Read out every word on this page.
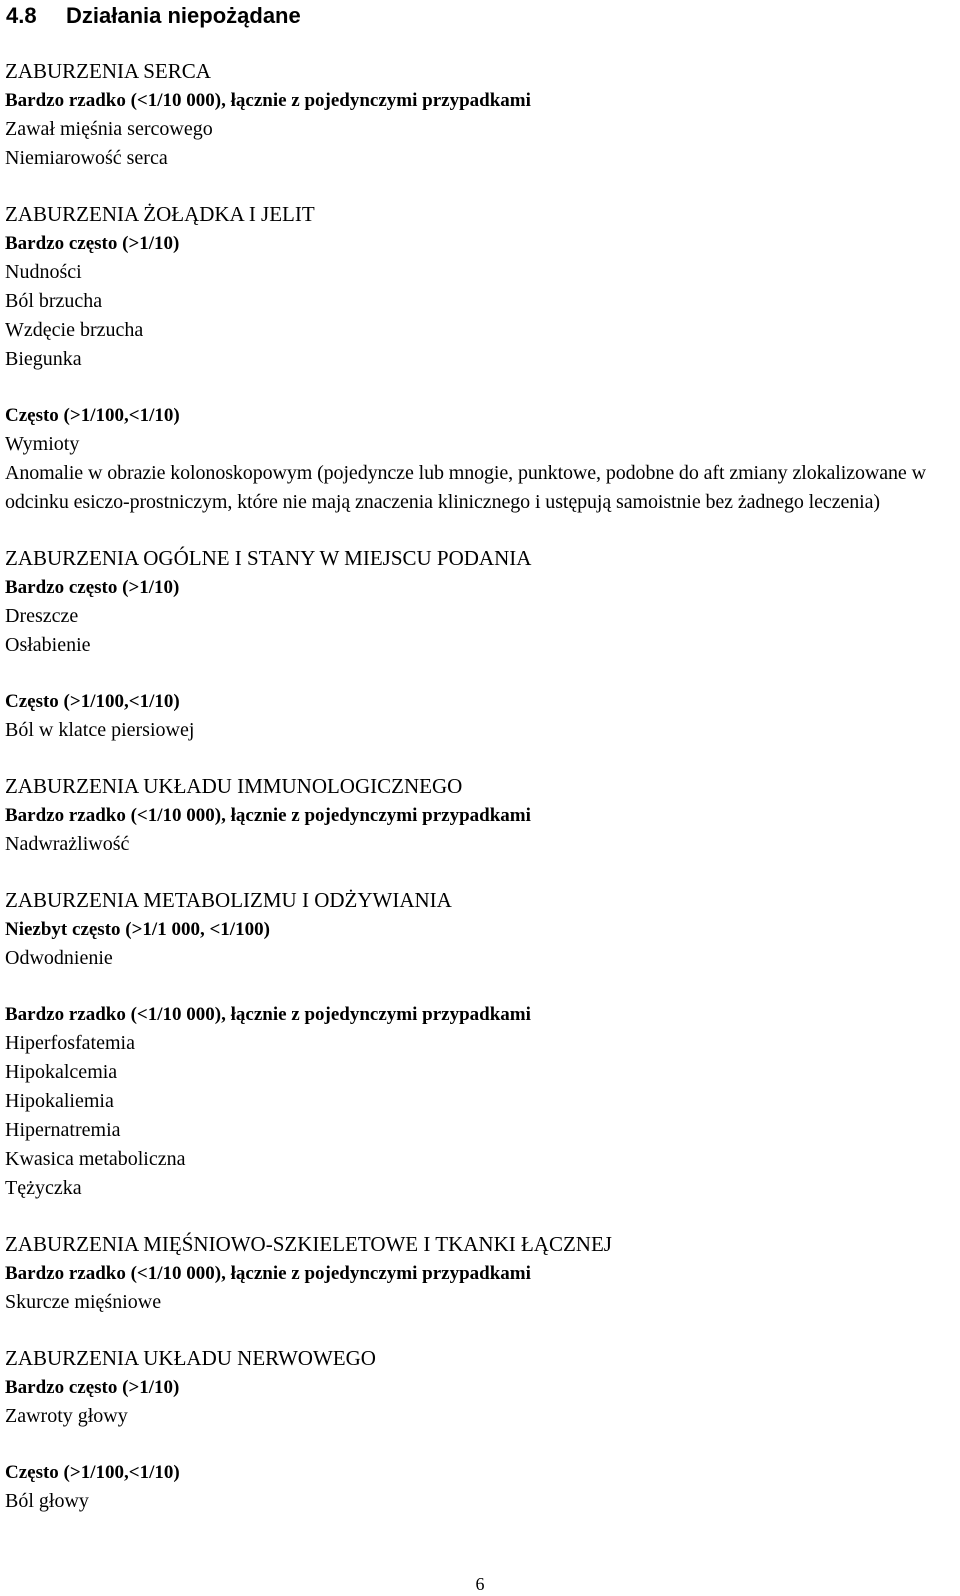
4.8 Działania niepożądane
ZABURZENIA SERCA
Bardzo rzadko (<1/10 000), łącznie z pojedynczymi przypadkami
Zawał mięśnia sercowego
Niemiarowość serca
ZABURZENIA ŻOŁĄDKA I JELIT
Bardzo często (>1/10)
Nudności
Ból brzucha
Wzdęcie brzucha
Biegunka
Często (>1/100,<1/10)
Wymioty
Anomalie w obrazie kolonoskopowym (pojedyncze lub mnogie, punktowe, podobne do aft zmiany zlokalizowane w odcinku esiczo-prostniczym, które nie mają znaczenia klinicznego i ustępują samoistnie bez żadnego leczenia)
ZABURZENIA OGÓLNE I STANY W MIEJSCU PODANIA
Bardzo często (>1/10)
Dreszcze
Osłabienie
Często (>1/100,<1/10)
Ból w klatce piersiowej
ZABURZENIA UKŁADU IMMUNOLOGICZNEGO
Bardzo rzadko (<1/10 000), łącznie z pojedynczymi przypadkami
Nadwrażliwość
ZABURZENIA METABOLIZMU I ODŻYWIANIA
Niezbyt często (>1/1 000, <1/100)
Odwodnienie
Bardzo rzadko (<1/10 000), łącznie z pojedynczymi przypadkami
Hiperfosfatemia
Hipokalcemia
Hipokaliemia
Hipernatremia
Kwasica metaboliczna
Tężyczka
ZABURZENIA MIĘŚNIOWO-SZKIELETOWE I TKANKI ŁĄCZNEJ
Bardzo rzadko (<1/10 000), łącznie z pojedynczymi przypadkami
Skurcze mięśniowe
ZABURZENIA UKŁADU NERWOWEGO
Bardzo często (>1/10)
Zawroty głowy
Często (>1/100,<1/10)
Ból głowy
6
